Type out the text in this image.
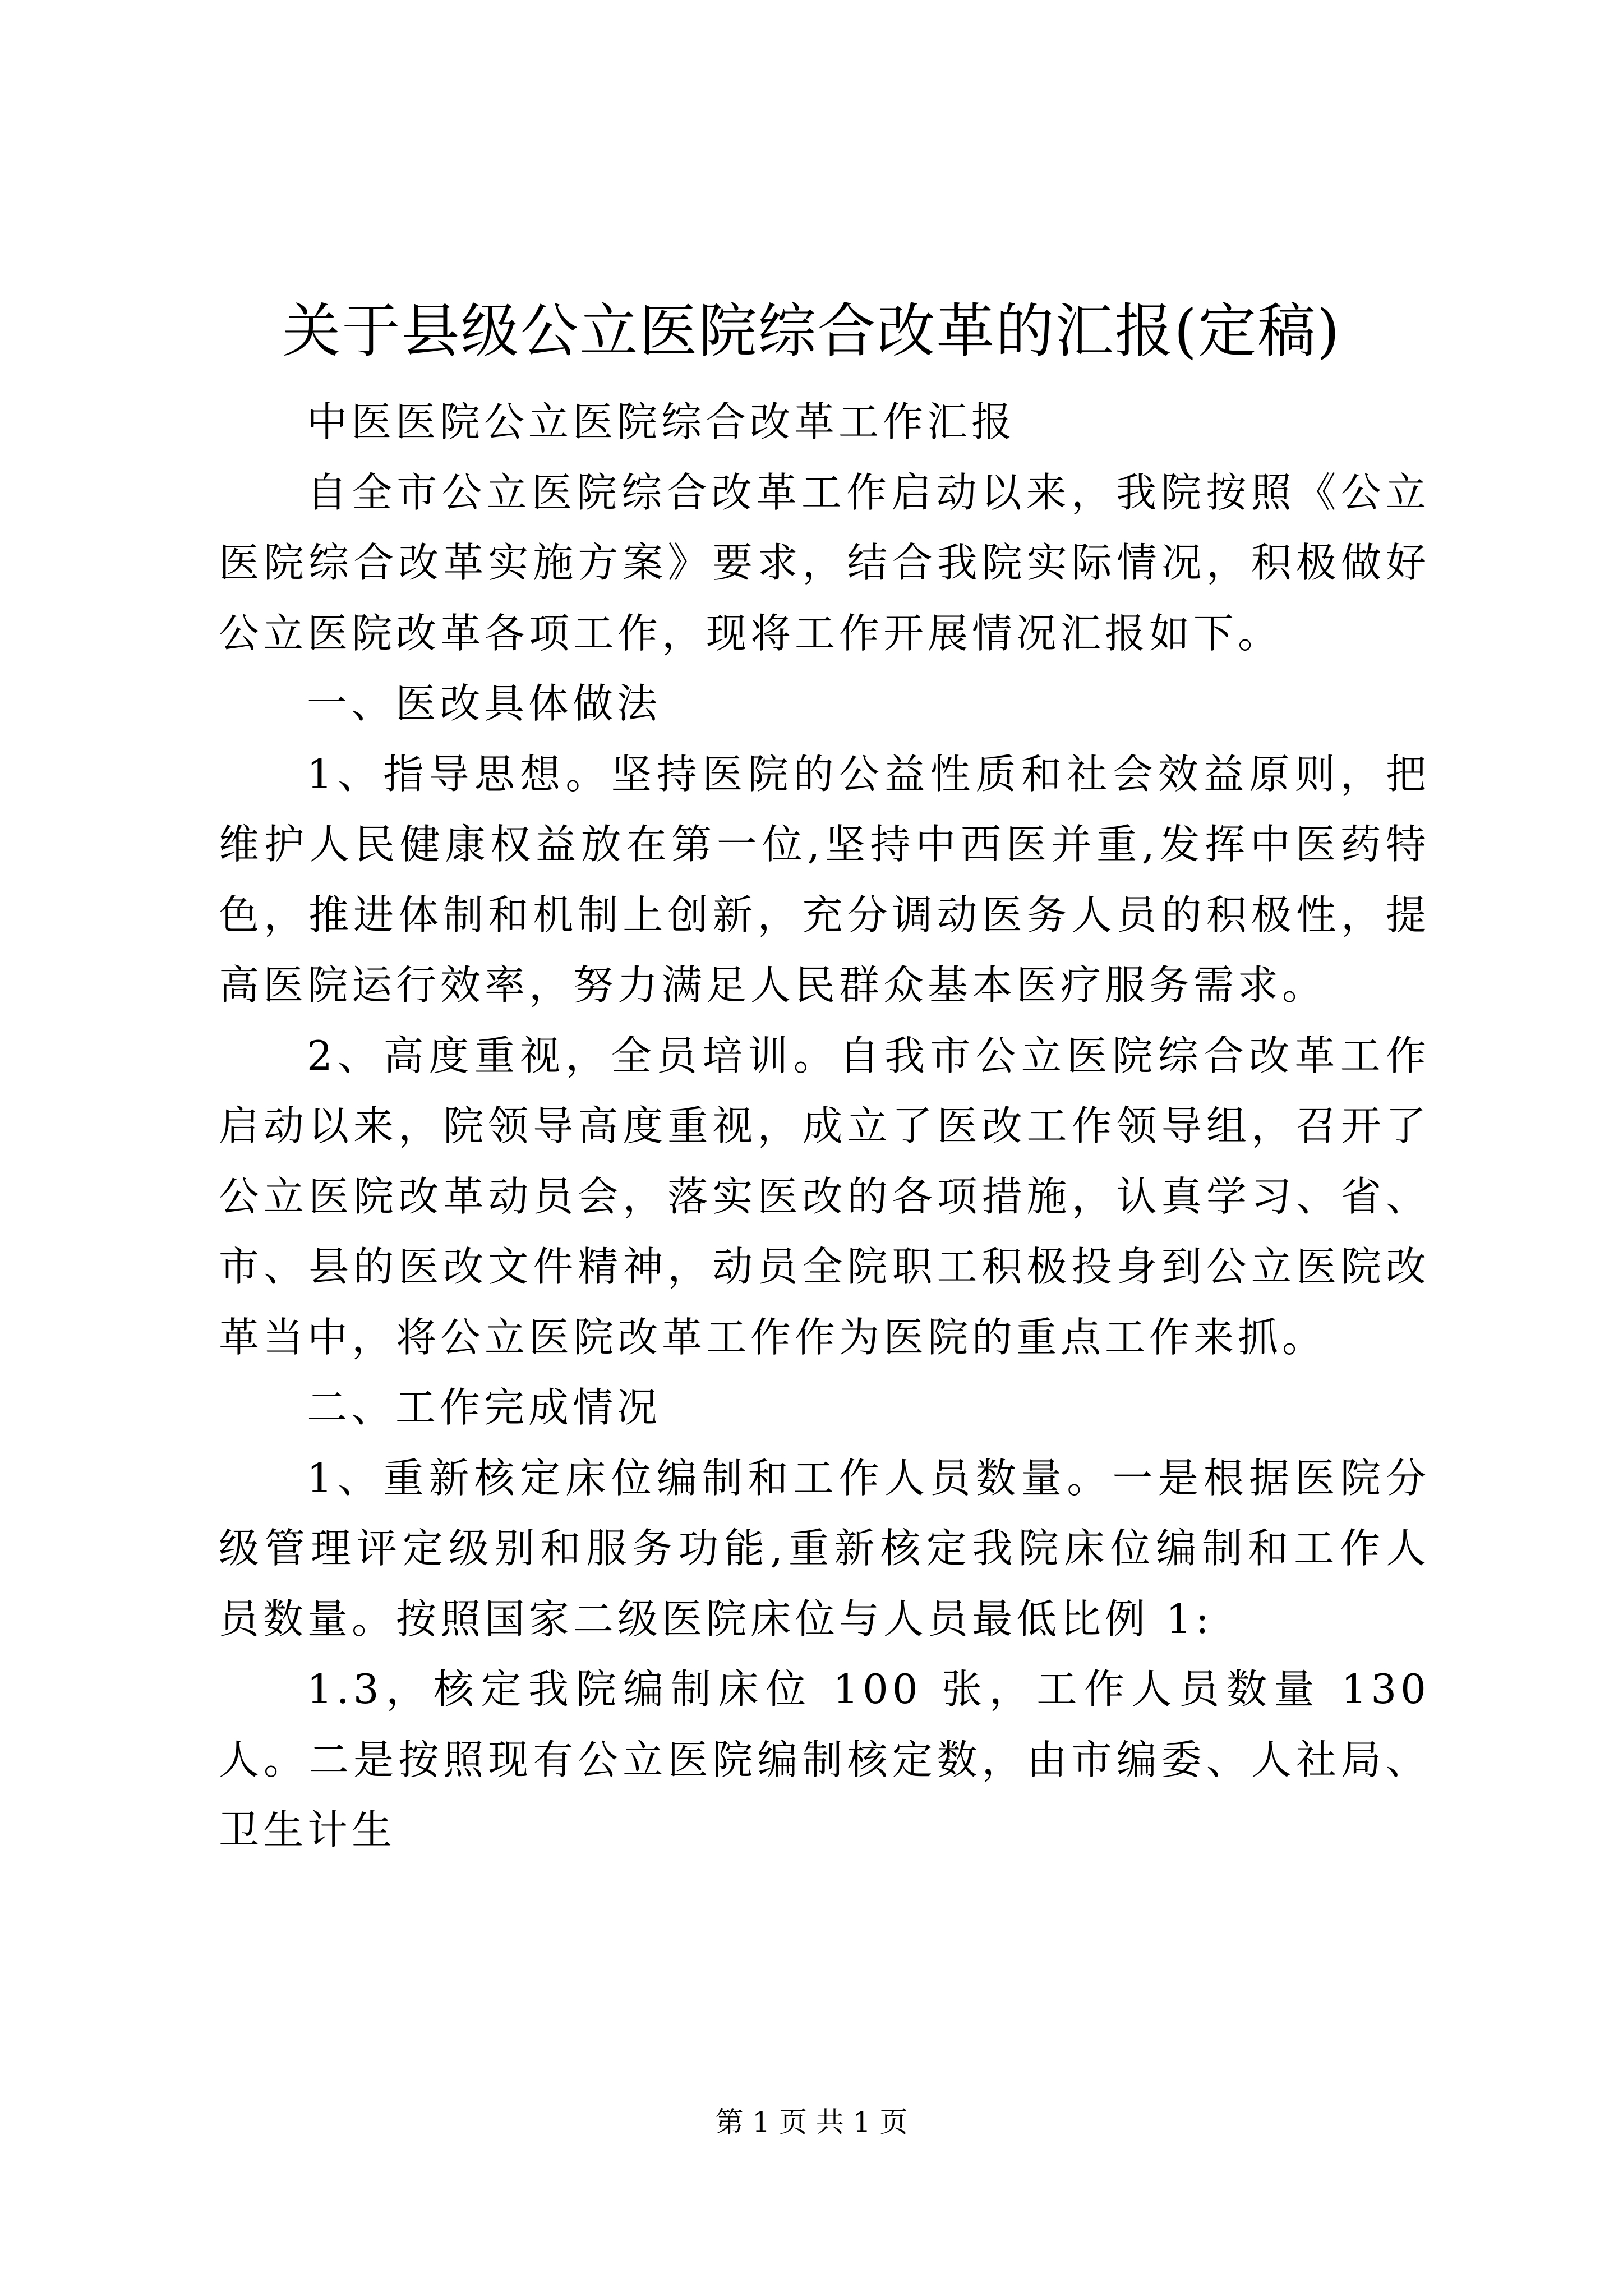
关于县级公立医院综合改革的汇报(定稿)

中医医院公立医院综合改革工作汇报

自全市公立医院综合改革工作启动以来，我院按照《公立医院综合改革实施方案》要求，结合我院实际情况，积极做好公立医院改革各项工作，现将工作开展情况汇报如下。

一、医改具体做法

1、指导思想。坚持医院的公益性质和社会效益原则，把维护人民健康权益放在第一位,坚持中西医并重,发挥中医药特色，推进体制和机制上创新，充分调动医务人员的积极性，提高医院运行效率，努力满足人民群众基本医疗服务需求。

2、高度重视，全员培训。自我市公立医院综合改革工作启动以来，院领导高度重视，成立了医改工作领导组，召开了公立医院改革动员会，落实医改的各项措施，认真学习、省、市、县的医改文件精神，动员全院职工积极投身到公立医院改革当中，将公立医院改革工作作为医院的重点工作来抓。

二、工作完成情况

1、重新核定床位编制和工作人员数量。一是根据医院分级管理评定级别和服务功能,重新核定我院床位编制和工作人员数量。按照国家二级医院床位与人员最低比例 1:

1.3，核定我院编制床位 100 张，工作人员数量 130 人。二是按照现有公立医院编制核定数，由市编委、人社局、卫生计生

第 1 页 共 1 页
